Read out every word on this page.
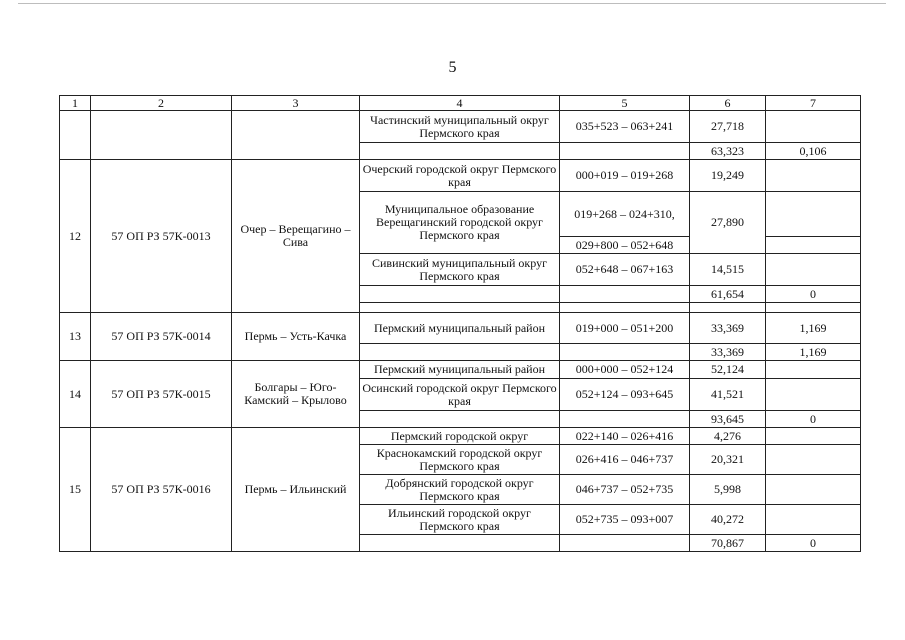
5
1	2	3	4	5	6	7
			Частинский муниципальный округ Пермского края	035+523 – 063+241	27,718	
					63,323	0,106
12	57 ОП РЗ 57К-0013	Очер – Верещагино – Сива	Очерский городской округ Пермского края	000+019 – 019+268	19,249	
			Муниципальное образование Верещагинский городской округ Пермского края	019+268 – 024+310,	27,890	
				029+800 – 052+648		
			Сивинский муниципальный округ Пермского края	052+648 – 067+163	14,515	
					61,654	0

13	57 ОП РЗ 57К-0014	Пермь – Усть-Качка	Пермский муниципальный район	019+000 – 051+200	33,369	1,169
					33,369	1,169
14	57 ОП РЗ 57К-0015	Болгары – Юго-Камский – Крылово	Пермский муниципальный район	000+000 – 052+124	52,124	
			Осинский городской округ Пермского края	052+124 – 093+645	41,521	
					93,645	0
15	57 ОП РЗ 57К-0016	Пермь – Ильинский	Пермский городской округ	022+140 – 026+416	4,276	
			Краснокамский городской округ Пермского края	026+416 – 046+737	20,321	
			Добрянский городской округ Пермского края	046+737 – 052+735	5,998	
			Ильинский городской округ Пермского края	052+735 – 093+007	40,272	
					70,867	0
